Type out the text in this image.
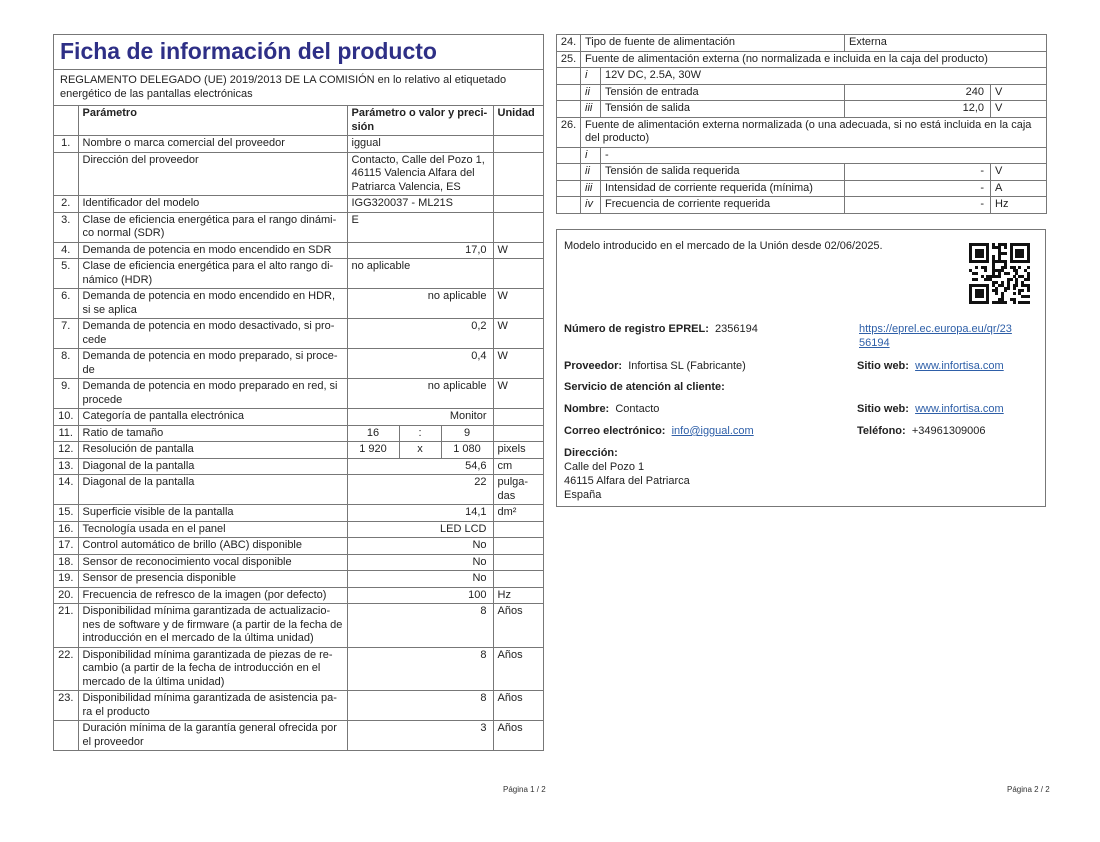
Ficha de información del producto
REGLAMENTO DELEGADO (UE) 2019/2013 DE LA COMISIÓN en lo relativo al etiquetado energético de las pantallas electrónicas
	Parámetro	Parámetro o valor y preci- sión			Unidad
1.	Nombre o marca comercial del proveedor	iggual			
	Dirección del proveedor	Contacto, Calle del Pozo 1, 46115 Valencia Alfara del Patriarca Valencia, ES			
2.	Identificador del modelo	IGG320037 - ML21S			
3.	Clase de eficiencia energética para el rango dinámi- co normal (SDR)	E			
4.	Demanda de potencia en modo encendido en SDR	17,0			W
5.	Clase de eficiencia energética para el alto rango di- námico (HDR)	no aplicable			
6.	Demanda de potencia en modo encendido en HDR, si se aplica	no aplicable			W
7.	Demanda de potencia en modo desactivado, si pro- cede	0,2			W
8.	Demanda de potencia en modo preparado, si proce- de	0,4			W
9.	Demanda de potencia en modo preparado en red, si procede	no aplicable			W
10.	Categoría de pantalla electrónica	Monitor			
11.	Ratio de tamaño	16	:	9	
12.	Resolución de pantalla	1 920	x	1 080	pixels
13.	Diagonal de la pantalla	54,6			cm
14.	Diagonal de la pantalla	22			pulga- das
15.	Superficie visible de la pantalla	14,1			dm²
16.	Tecnología usada en el panel	LED LCD			
17.	Control automático de brillo (ABC) disponible	No			
18.	Sensor de reconocimiento vocal disponible	No			
19.	Sensor de presencia disponible	No			
20.	Frecuencia de refresco de la imagen (por defecto)	100			Hz
21.	Disponibilidad mínima garantizada de actualizacio- nes de software y de firmware (a partir de la fecha de introducción en el mercado de la última unidad)	8			Años
22.	Disponibilidad mínima garantizada de piezas de re- cambio (a partir de la fecha de introducción en el mercado de la última unidad)	8			Años
23.	Disponibilidad mínima garantizada de asistencia pa- ra el producto	8			Años
	Duración mínima de la garantía general ofrecida por el proveedor	3			Años
Página 1 / 2
24.	Tipo de fuente de alimentación		Externa	
25.	Fuente de alimentación externa (no normalizada e incluida en la caja del producto)			
	i	12V DC, 2.5A, 30W		
	ii	Tensión de entrada	240	V
	iii	Tensión de salida	12,0	V
26.	Fuente de alimentación externa normalizada (o una adecuada, si no está incluida en la caja del producto)			
	i	-		
	ii	Tensión de salida requerida	-	V
	iii	Intensidad de corriente requerida (mínima)	-	A
	iv	Frecuencia de corriente requerida	-	Hz
Modelo introducido en el mercado de la Unión desde 02/06/2025.
Número de registro EPREL: 2356194	https://eprel.ec.europa.eu/qr/23
56194
Proveedor: Infortisa SL (Fabricante)	Sitio web: www.infortisa.com
Servicio de atención al cliente:
Nombre: Contacto	Sitio web: www.infortisa.com
Correo electrónico: info@iggual.com	Teléfono: +34961309006
Dirección:
Calle del Pozo 1
46115 Alfara del Patriarca
España
Página 2 / 2
